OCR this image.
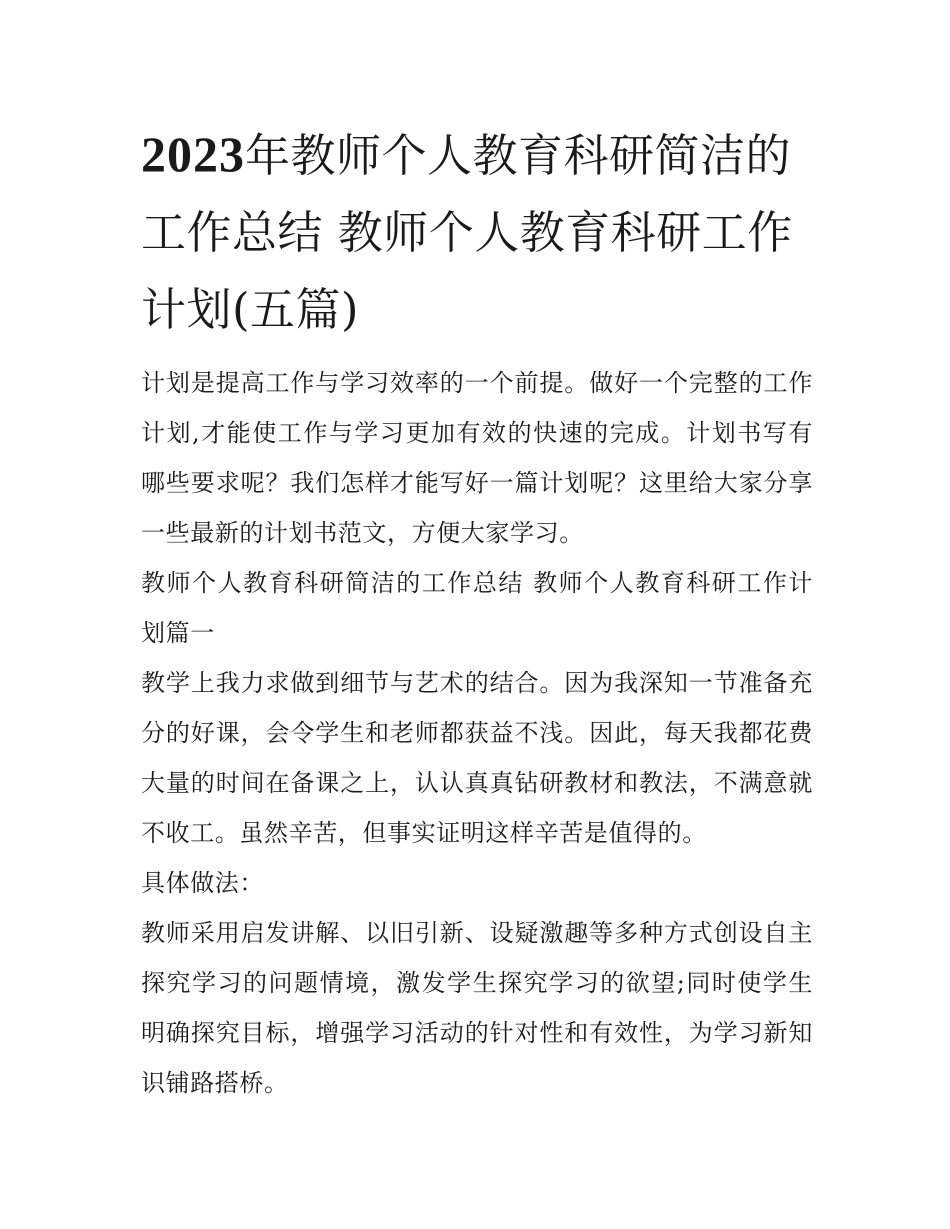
2023年教师个人教育科研简洁的工作总结 教师个人教育科研工作计划(五篇)

计划是提高工作与学习效率的一个前提。做好一个完整的工作计划,才能使工作与学习更加有效的快速的完成。计划书写有哪些要求呢？我们怎样才能写好一篇计划呢？这里给大家分享一些最新的计划书范文，方便大家学习。

教师个人教育科研简洁的工作总结 教师个人教育科研工作计划篇一

教学上我力求做到细节与艺术的结合。因为我深知一节准备充分的好课，会令学生和老师都获益不浅。因此，每天我都花费大量的时间在备课之上，认认真真钻研教材和教法，不满意就不收工。虽然辛苦，但事实证明这样辛苦是值得的。

具体做法：

教师采用启发讲解、以旧引新、设疑激趣等多种方式创设自主探究学习的问题情境，激发学生探究学习的欲望;同时使学生明确探究目标，增强学习活动的针对性和有效性，为学习新知识铺路搭桥。
